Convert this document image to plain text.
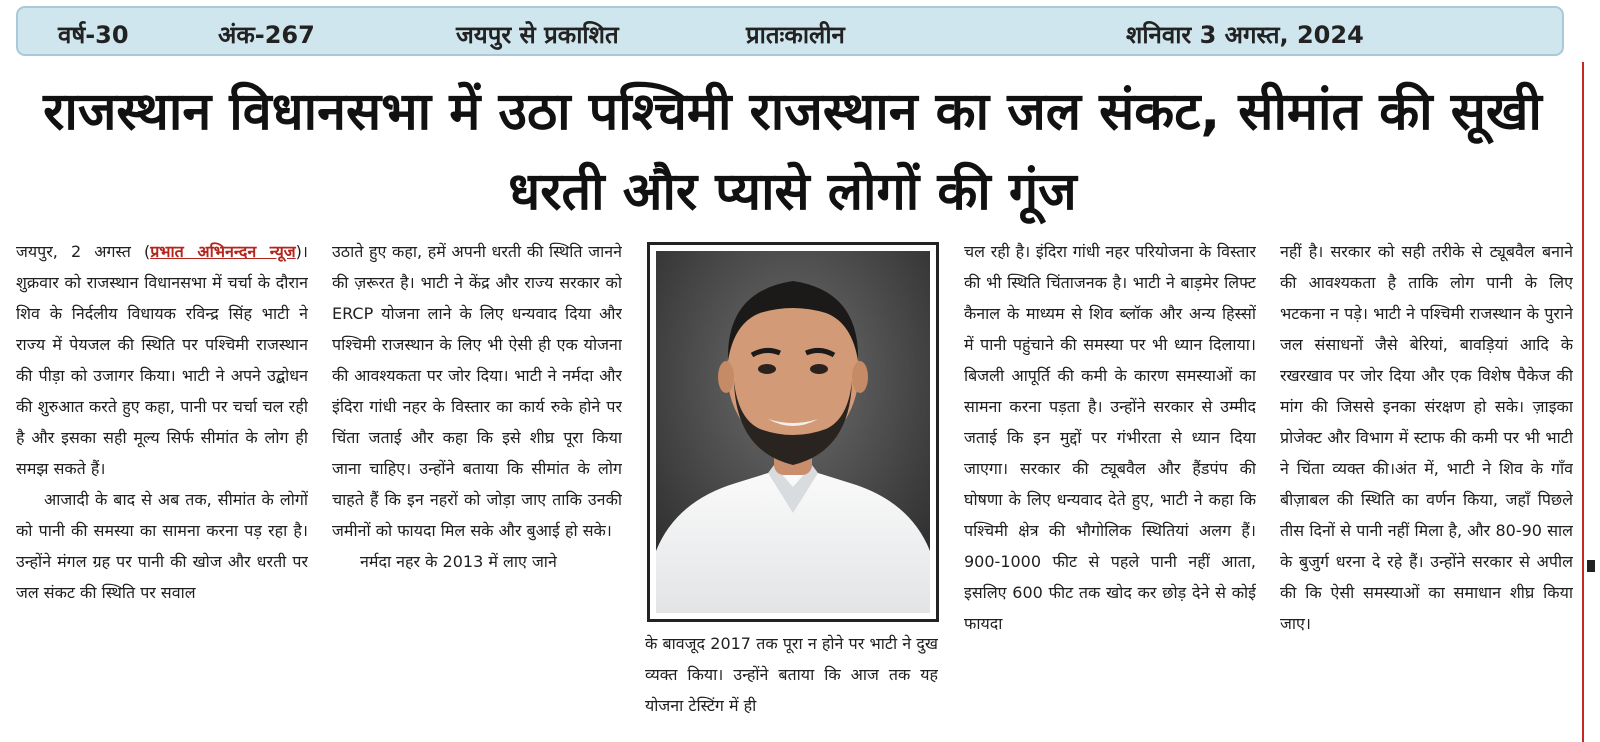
वर्ष-30	अंक-267	जयपुर से प्रकाशित	प्रातःकालीन	शनिवार 3 अगस्त, 2024
राजस्थान विधानसभा में उठा पश्चिमी राजस्थान का जल संकट, सीमांत की सूखी धरती और प्यासे लोगों की गूंज

जयपुर, 2 अगस्त (प्रभात अभिनन्दन न्यूज)। शुक्रवार को राजस्थान विधानसभा में चर्चा के दौरान शिव के निर्दलीय विधायक रविन्द्र सिंह भाटी ने राज्य में पेयजल की स्थिति पर पश्चिमी राजस्थान की पीड़ा को उजागर किया। भाटी ने अपने उद्बोधन की शुरुआत करते हुए कहा, पानी पर चर्चा चल रही है और इसका सही मूल्य सिर्फ सीमांत के लोग ही समझ सकते हैं।

आजादी के बाद से अब तक, सीमांत के लोगों को पानी की समस्या का सामना करना पड़ रहा है। उन्होंने मंगल ग्रह पर पानी की खोज और धरती पर जल संकट की स्थिति पर सवाल

उठाते हुए कहा, हमें अपनी धरती की स्थिति जानने की ज़रूरत है। भाटी ने केंद्र और राज्य सरकार को ERCP योजना लाने के लिए धन्यवाद दिया और पश्चिमी राजस्थान के लिए भी ऐसी ही एक योजना की आवश्यकता पर जोर दिया। भाटी ने नर्मदा और इंदिरा गांधी नहर के विस्तार का कार्य रुके होने पर चिंता जताई और कहा कि इसे शीघ्र पूरा किया जाना चाहिए। उन्होंने बताया कि सीमांत के लोग चाहते हैं कि इन नहरों को जोड़ा जाए ताकि उनकी जमीनों को फायदा मिल सके और बुआई हो सके।

नर्मदा नहर के 2013 में लाए जाने

के बावजूद 2017 तक पूरा न होने पर भाटी ने दुख व्यक्त किया। उन्होंने बताया कि आज तक यह योजना टेस्टिंग में ही

चल रही है। इंदिरा गांधी नहर परियोजना के विस्तार की भी स्थिति चिंताजनक है। भाटी ने बाड़मेर लिफ्ट कैनाल के माध्यम से शिव ब्लॉक और अन्य हिस्सों में पानी पहुंचाने की समस्या पर भी ध्यान दिलाया। बिजली आपूर्ति की कमी के कारण समस्याओं का सामना करना पड़ता है। उन्होंने सरकार से उम्मीद जताई कि इन मुद्दों पर गंभीरता से ध्यान दिया जाएगा। सरकार की ट्यूबवैल और हैंडपंप की घोषणा के लिए धन्यवाद देते हुए, भाटी ने कहा कि पश्चिमी क्षेत्र की भौगोलिक स्थितियां अलग हैं। 900-1000 फीट से पहले पानी नहीं आता, इसलिए 600 फीट तक खोद कर छोड़ देने से कोई फायदा

नहीं है। सरकार को सही तरीके से ट्यूबवैल बनाने की आवश्यकता है ताकि लोग पानी के लिए भटकना न पड़े। भाटी ने पश्चिमी राजस्थान के पुराने जल संसाधनों जैसे बेरियां, बावड़ियां आदि के रखरखाव पर जोर दिया और एक विशेष पैकेज की मांग की जिससे इनका संरक्षण हो सके। ज़ाइका प्रोजेक्ट और विभाग में स्टाफ की कमी पर भी भाटी ने चिंता व्यक्त की।अंत में, भाटी ने शिव के गाँव बीज़ाबल की स्थिति का वर्णन किया, जहाँ पिछले तीस दिनों से पानी नहीं मिला है, और 80-90 साल के बुजुर्ग धरना दे रहे हैं। उन्होंने सरकार से अपील की कि ऐसी समस्याओं का समाधान शीघ्र किया जाए।
